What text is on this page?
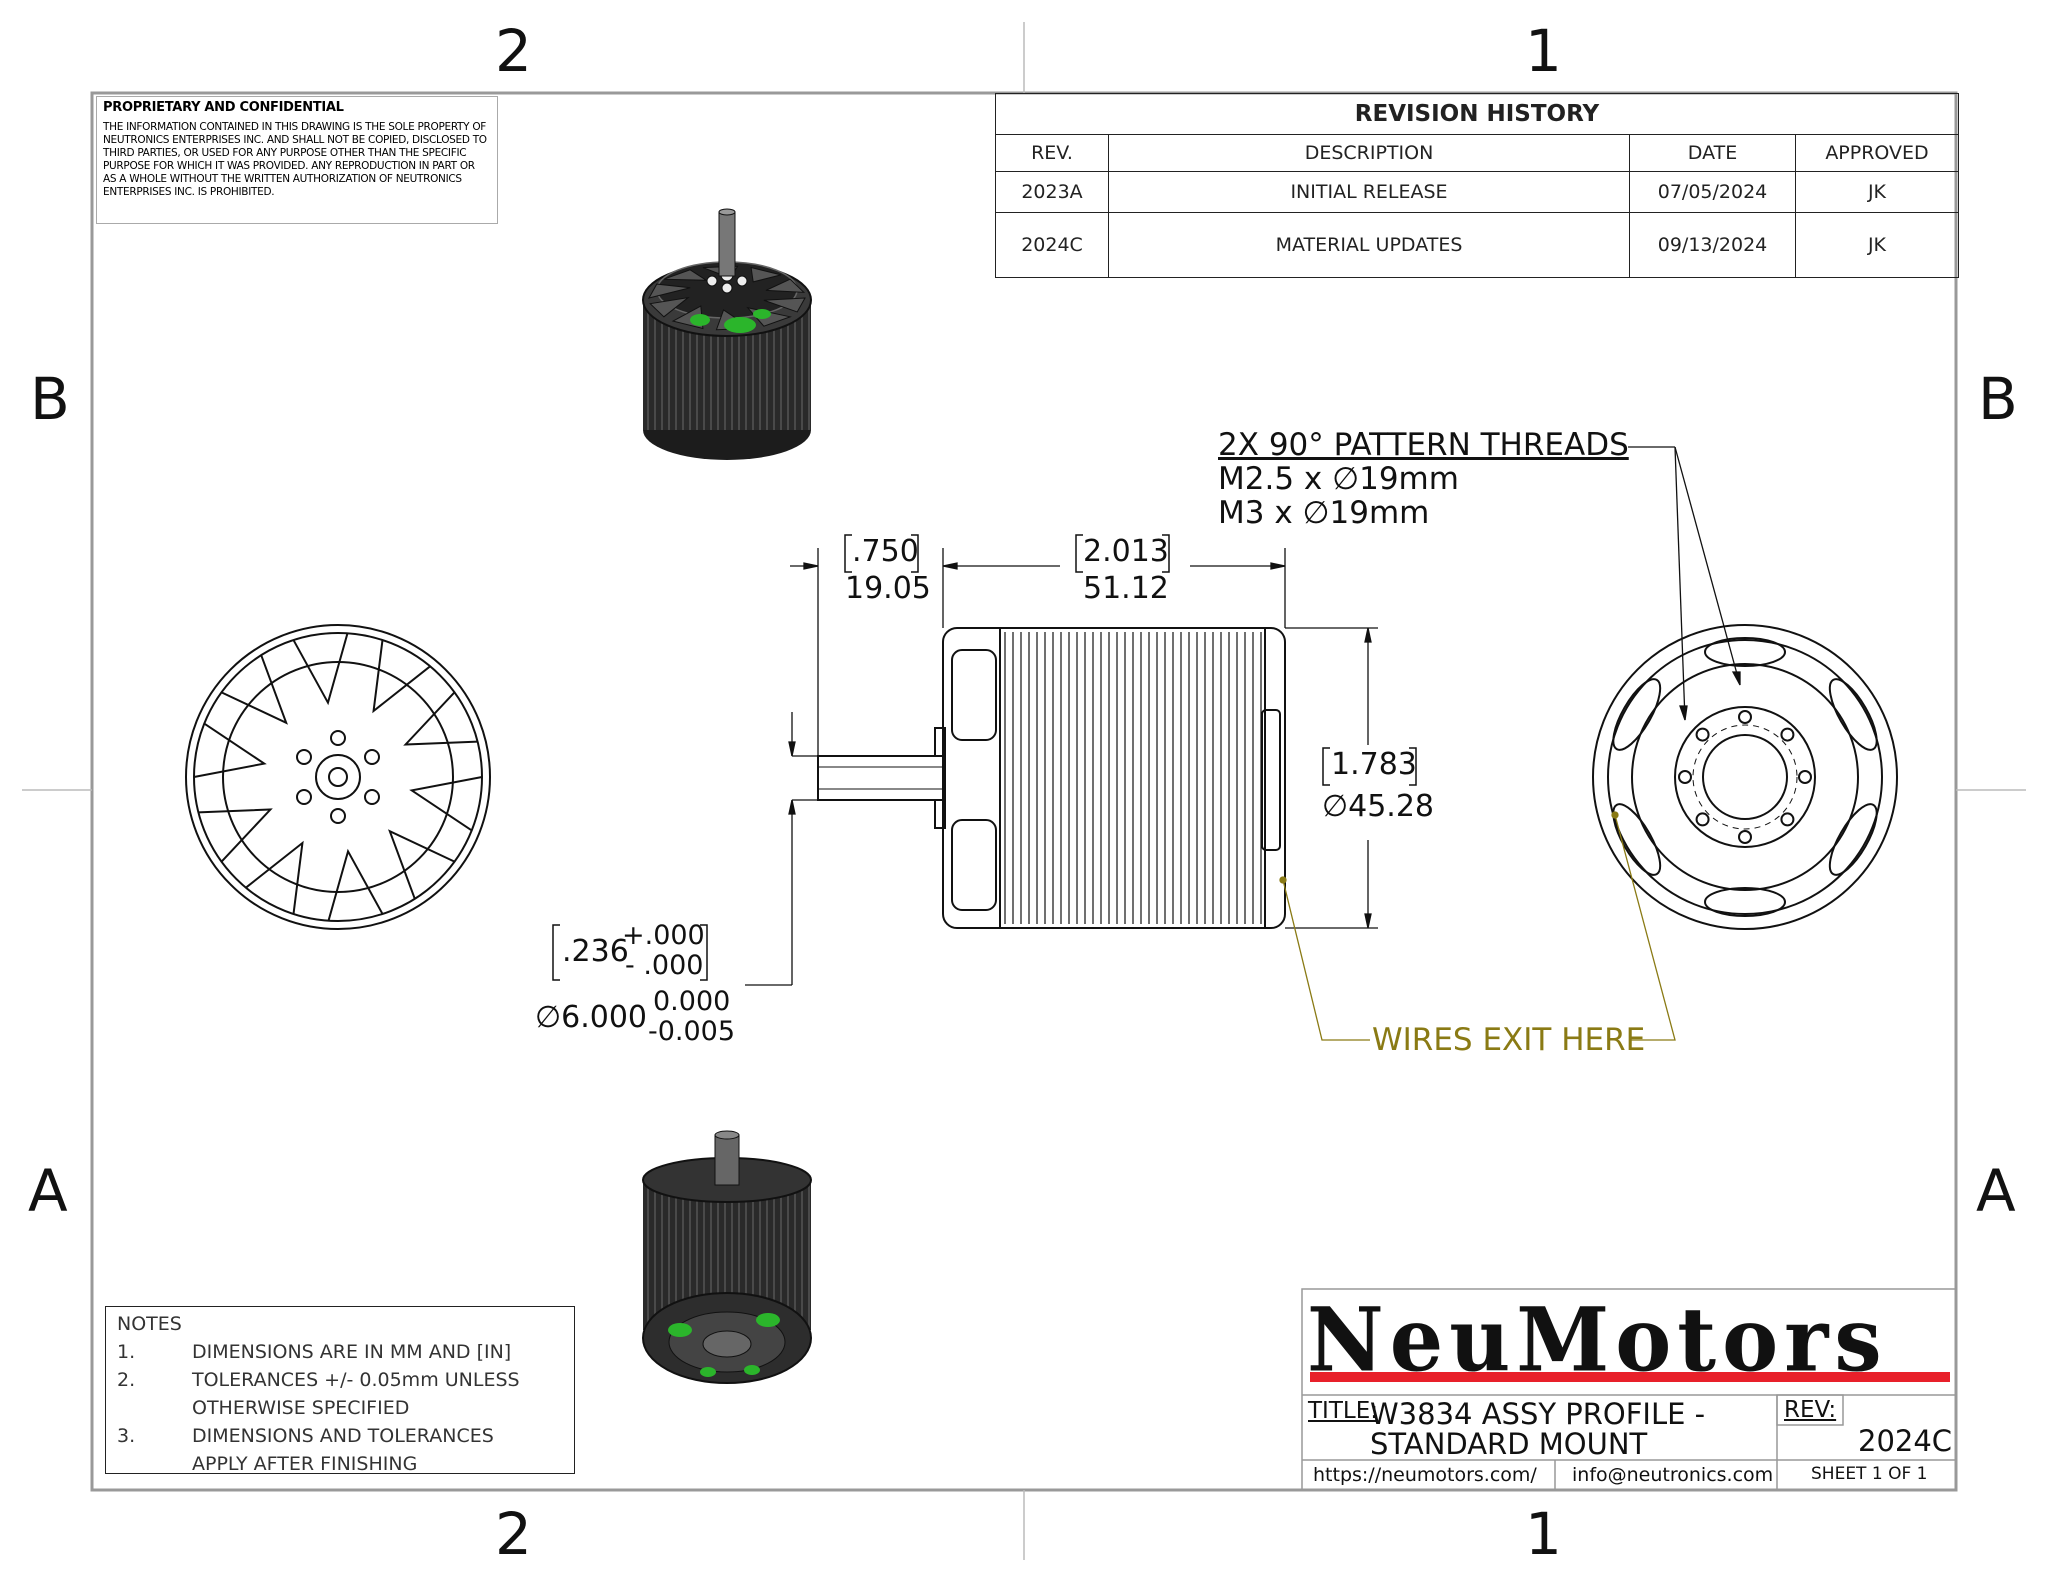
2	1
2	1
B	B
A	A
PROPRIETARY AND CONFIDENTIAL
THE INFORMATION CONTAINED IN THIS DRAWING IS THE SOLE PROPERTY OF NEUTRONICS ENTERPRISES INC. AND SHALL NOT BE COPIED, DISCLOSED TO THIRD PARTIES, OR USED FOR ANY PURPOSE OTHER THAN THE SPECIFIC PURPOSE FOR WHICH IT WAS PROVIDED. ANY REPRODUCTION IN PART OR AS A WHOLE WITHOUT THE WRITTEN AUTHORIZATION OF NEUTRONICS ENTERPRISES INC. IS PROHIBITED.
REVISION HISTORY			
REV.	DESCRIPTION	DATE	APPROVED
2023A	INITIAL RELEASE	07/05/2024	JK
2024C	MATERIAL UPDATES	09/13/2024	JK
2X 90° PATTERN THREADS
M2.5 x ∅19mm
M3 x ∅19mm
WIRES EXIT HERE
.750
19.05
2.013
51.12
1.783
∅45.28
.236
+.000
- .000
∅6.000 0.000
-0.005
NOTES
1.	DIMENSIONS ARE IN MM AND [IN]
2.	TOLERANCES +/- 0.05mm UNLESS
OTHERWISE SPECIFIED
3.	DIMENSIONS AND TOLERANCES
APPLY AFTER FINISHING
NeuMotors
TITLE:
W3834 ASSY PROFILE -
STANDARD MOUNT
REV:
2024C
https://neumotors.com/ info@neutronics.com SHEET 1 OF 1
